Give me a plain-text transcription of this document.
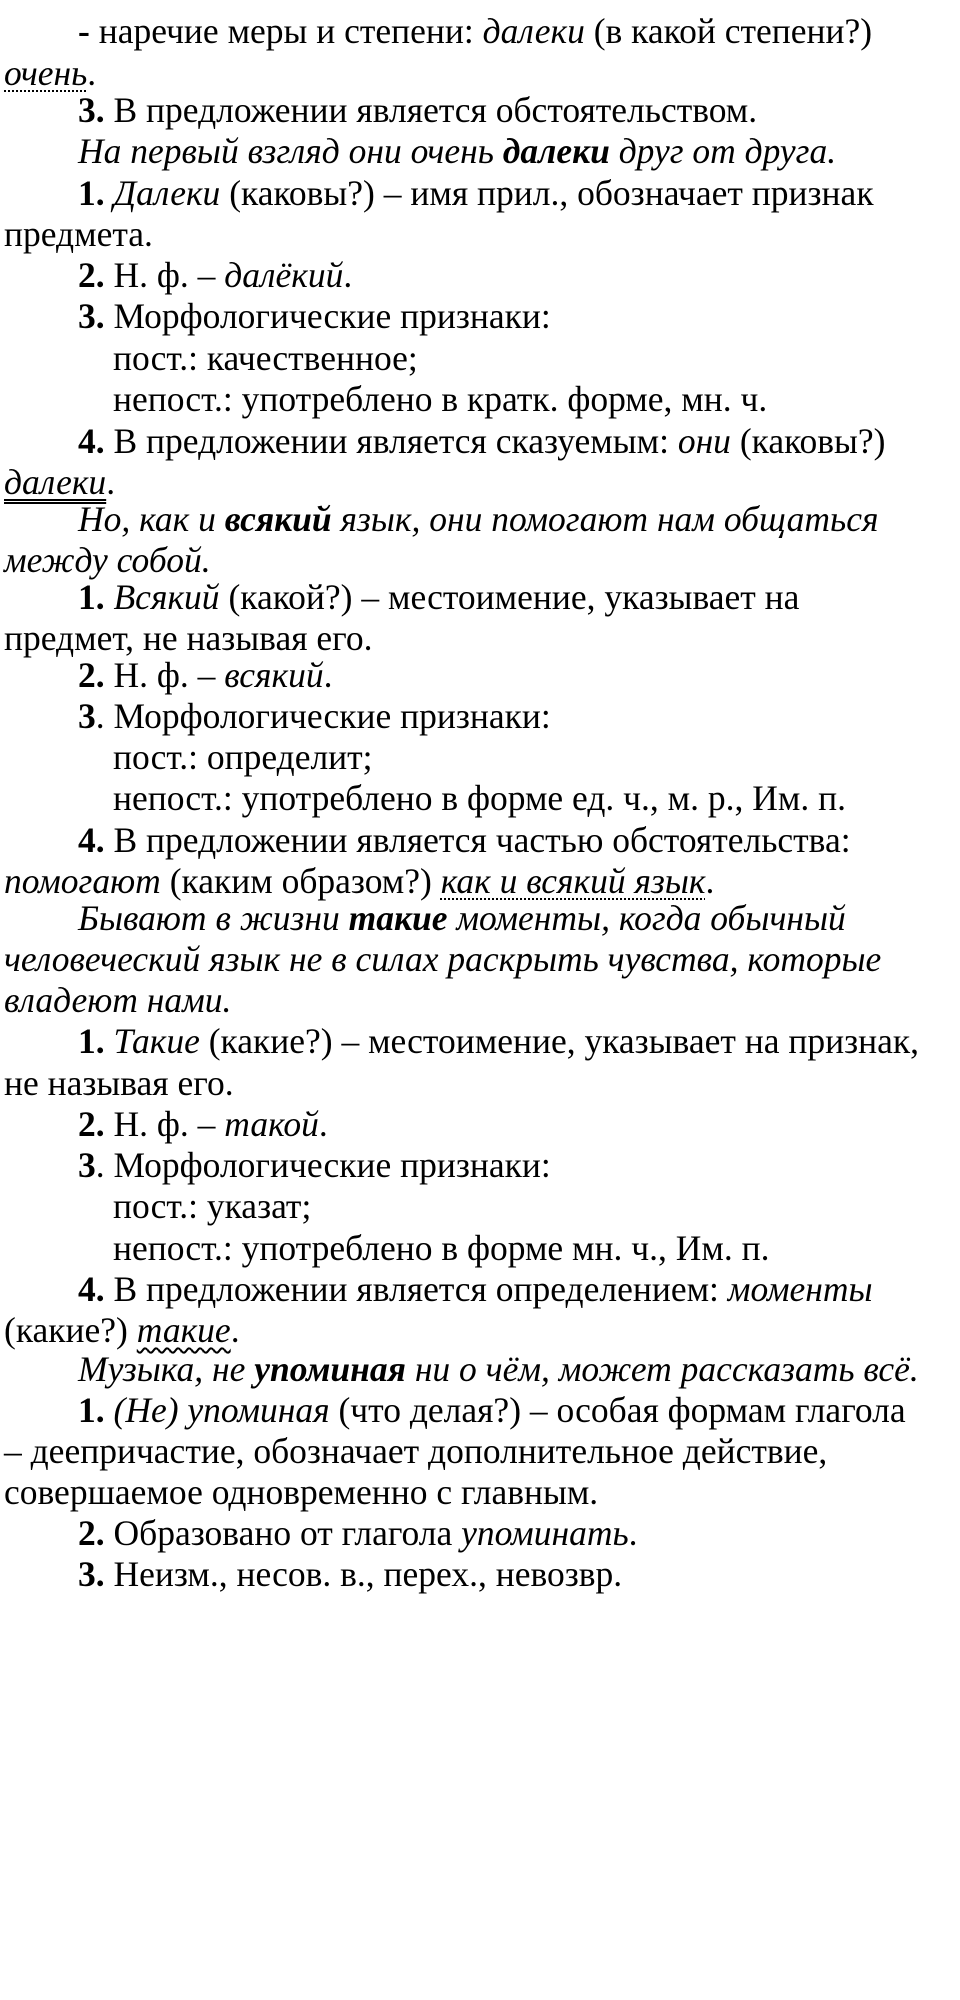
- наречие меры и степени: далеки (в какой степени?)
очень.
3. В предложении является обстоятельством.
На первый взгляд они очень далеки друг от друга.
1. Далеки (каковы?) – имя прил., обозначает признак
предмета.
2. Н. ф. – далёкий.
3. Морфологические признаки:
пост.: качественное;
непост.: употреблено в кратк. форме, мн. ч.
4. В предложении является сказуемым: они (каковы?)
далеки.
Но, как и всякий язык, они помогают нам общаться
между собой.
1. Всякий (какой?) – местоимение, указывает на
предмет, не называя его.
2. Н. ф. – всякий.
3. Морфологические признаки:
пост.: определит;
непост.: употреблено в форме ед. ч., м. р., Им. п.
4. В предложении является частью обстоятельства:
помогают (каким образом?) как и всякий язык.
Бывают в жизни такие моменты, когда обычный
человеческий язык не в силах раскрыть чувства, которые
владеют нами.
1. Такие (какие?) – местоимение, указывает на признак,
не называя его.
2. Н. ф. – такой.
3. Морфологические признаки:
пост.: указат;
непост.: употреблено в форме мн. ч., Им. п.
4. В предложении является определением: моменты
(какие?) такие.
Музыка, не упоминая ни о чём, может рассказать всё.
1. (Не) упоминая (что делая?) – особая формам глагола
– деепричастие, обозначает дополнительное действие,
совершаемое одновременно с главным.
2. Образовано от глагола упоминать.
3. Неизм., несов. в., перех., невозвр.
